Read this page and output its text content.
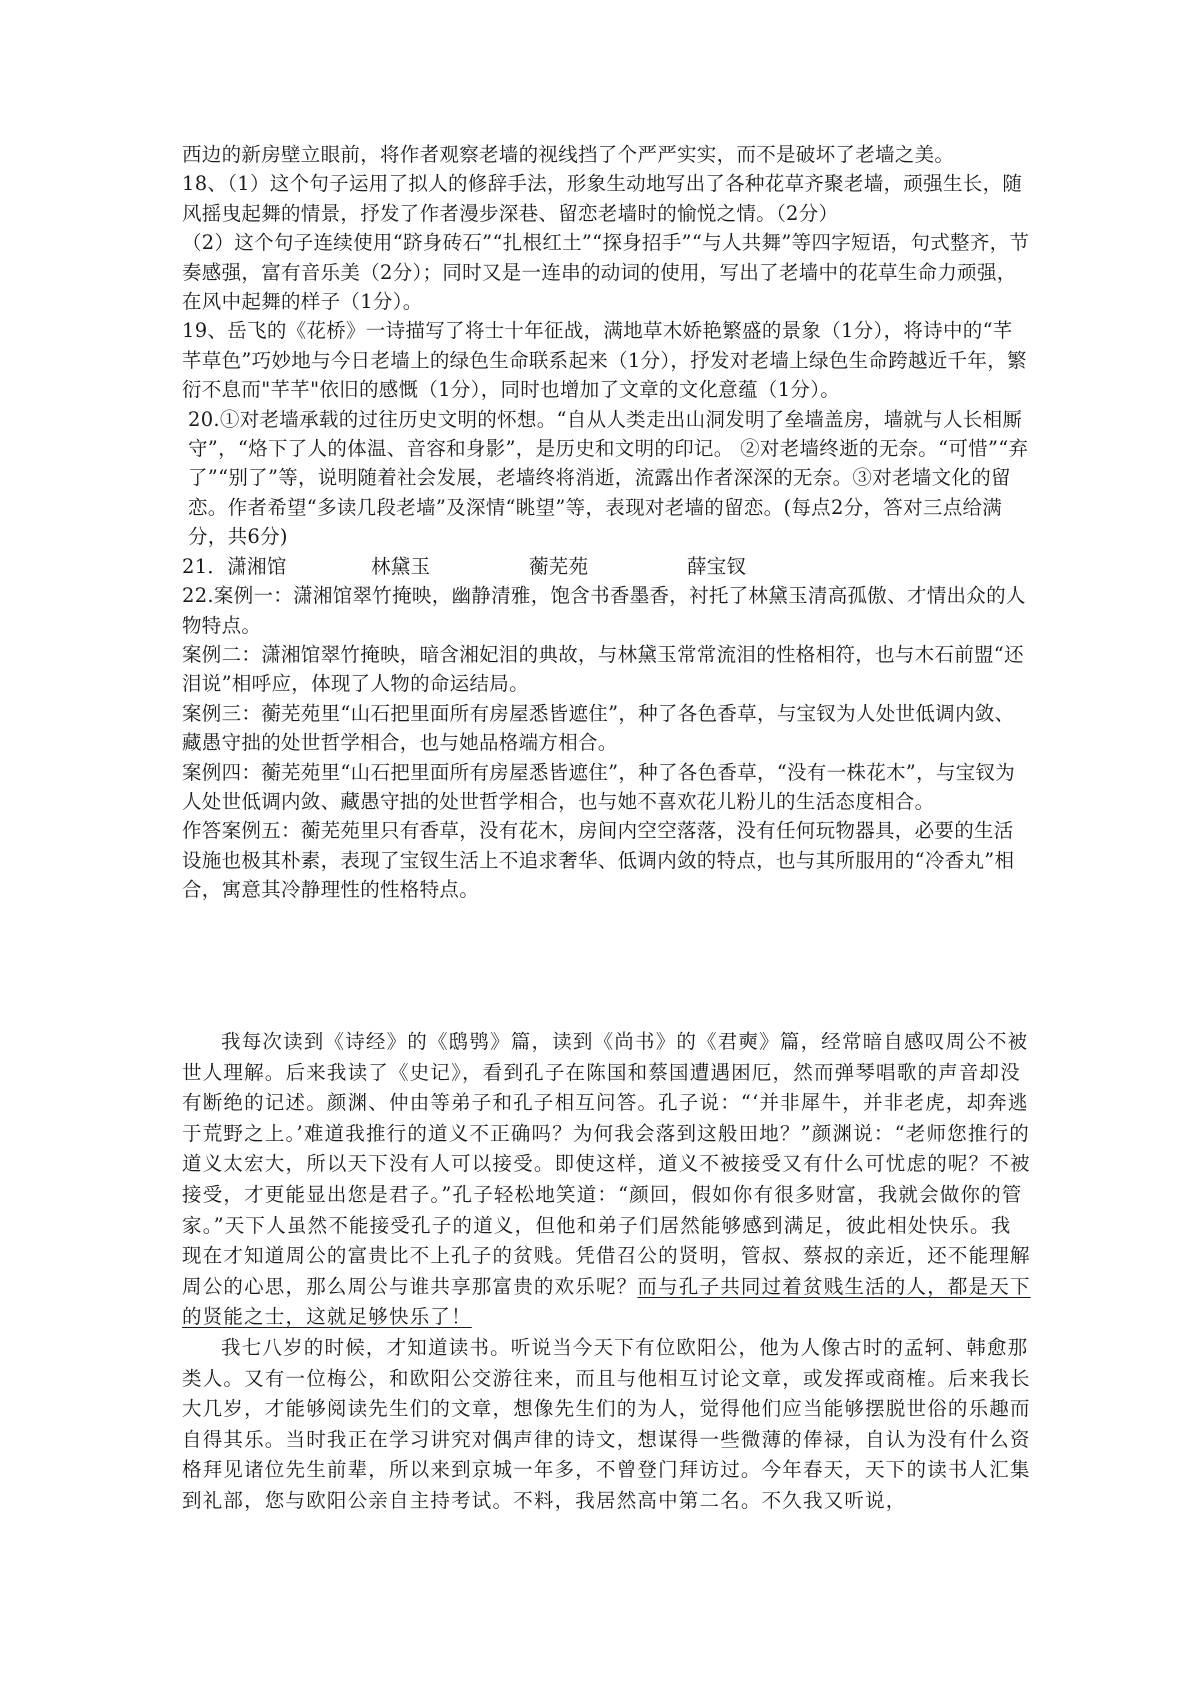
西边的新房壁立眼前，将作者观察老墙的视线挡了个严严实实，而不是破坏了老墙之美。

18、（1）这个句子运用了拟人的修辞手法，形象生动地写出了各种花草齐聚老墙，顽强生长，随风摇曳起舞的情景，抒发了作者漫步深巷、留恋老墙时的愉悦之情。（2分）

（2）这个句子连续使用“跻身砖石”“扎根红土”“探身招手”“与人共舞”等四字短语，句式整齐，节奏感强，富有音乐美（2分）；同时又是一连串的动词的使用，写出了老墙中的花草生命力顽强，在风中起舞的样子（1分）。

19、岳飞的《花桥》一诗描写了将士十年征战，满地草木娇艳繁盛的景象（1分），将诗中的“芊芊草色”巧妙地与今日老墙上的绿色生命联系起来（1分），抒发对老墙上绿色生命跨越近千年，繁衍不息而"芊芊"依旧的感慨（1分），同时也增加了文章的文化意蕴（1分）。

20.①对老墙承载的过往历史文明的怀想。“自从人类走出山洞发明了垒墙盖房，墙就与人长相厮守”，“烙下了人的体温、音容和身影”，是历史和文明的印记。 ②对老墙终逝的无奈。“可惜”“弃了”“别了”等，说明随着社会发展，老墙终将消逝，流露出作者深深的无奈。③对老墙文化的留恋。作者希望“多读几段老墙”及深情“眺望”等，表现对老墙的留恋。(每点2分，答对三点给满分，共6分)

21．潇湘馆	林黛玉	蘅芜苑	薛宝钗

22.案例一：潇湘馆翠竹掩映，幽静清雅，饱含书香墨香，衬托了林黛玉清高孤傲、才情出众的人物特点。

案例二：潇湘馆翠竹掩映，暗含湘妃泪的典故，与林黛玉常常流泪的性格相符，也与木石前盟“还泪说”相呼应，体现了人物的命运结局。

案例三：蘅芜苑里“山石把里面所有房屋悉皆遮住”，种了各色香草，与宝钗为人处世低调内敛、藏愚守拙的处世哲学相合，也与她品格端方相合。

案例四：蘅芜苑里“山石把里面所有房屋悉皆遮住”，种了各色香草，“没有一株花木”，与宝钗为人处世低调内敛、藏愚守拙的处世哲学相合，也与她不喜欢花儿粉儿的生活态度相合。

作答案例五：蘅芜苑里只有香草，没有花木，房间内空空落落，没有任何玩物器具，必要的生活设施也极其朴素，表现了宝钗生活上不追求奢华、低调内敛的特点，也与其所服用的“冷香丸”相合，寓意其冷静理性的性格特点。

我每次读到《诗经》的《鸱鸮》篇，读到《尚书》的《君奭》篇，经常暗自感叹周公不被世人理解。后来我读了《史记》，看到孔子在陈国和蔡国遭遇困厄，然而弹琴唱歌的声音却没有断绝的记述。颜渊、仲由等弟子和孔子相互问答。孔子说：“‘并非犀牛，并非老虎，却奔逃于荒野之上。’难道我推行的道义不正确吗？为何我会落到这般田地？”颜渊说：“老师您推行的道义太宏大，所以天下没有人可以接受。即使这样，道义不被接受又有什么可忧虑的呢？不被接受，才更能显出您是君子。”孔子轻松地笑道：“颜回，假如你有很多财富，我就会做你的管家。”天下人虽然不能接受孔子的道义，但他和弟子们居然能够感到满足，彼此相处快乐。我现在才知道周公的富贵比不上孔子的贫贱。凭借召公的贤明，管叔、蔡叔的亲近，还不能理解周公的心思，那么周公与谁共享那富贵的欢乐呢？而与孔子共同过着贫贱生活的人，都是天下的贤能之士，这就足够快乐了！

我七八岁的时候，才知道读书。听说当今天下有位欧阳公，他为人像古时的孟轲、韩愈那类人。又有一位梅公，和欧阳公交游往来，而且与他相互讨论文章，或发挥或商榷。后来我长大几岁，才能够阅读先生们的文章，想像先生们的为人，觉得他们应当能够摆脱世俗的乐趣而自得其乐。当时我正在学习讲究对偶声律的诗文，想谋得一些微薄的俸禄，自认为没有什么资格拜见诸位先生前辈，所以来到京城一年多，不曾登门拜访过。今年春天，天下的读书人汇集到礼部，您与欧阳公亲自主持考试。不料，我居然高中第二名。不久我又听说，
